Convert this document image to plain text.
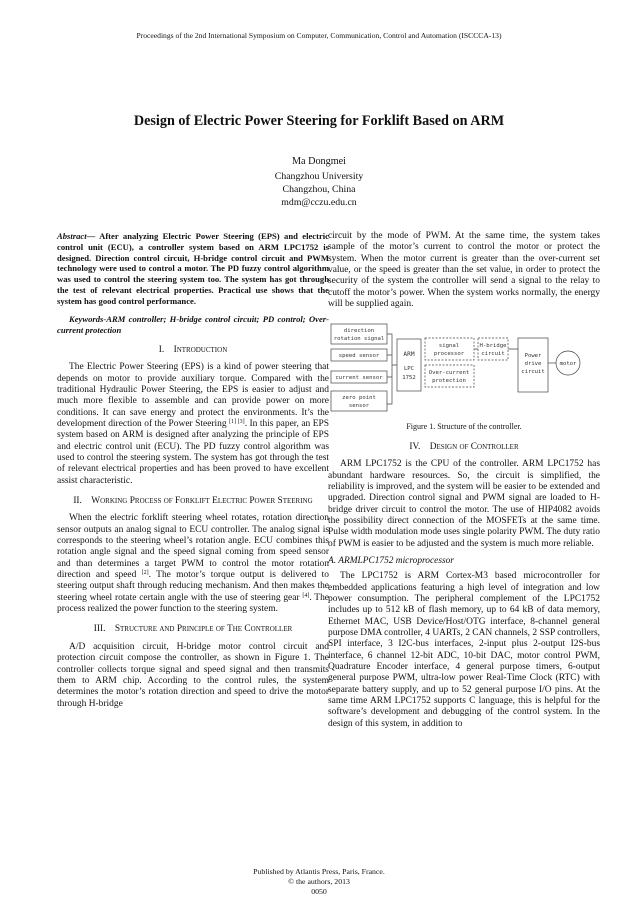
Proceedings of the 2nd International Symposium on Computer, Communication, Control and Automation (ISCCCA-13)
Design of Electric Power Steering for Forklift Based on ARM
Ma Dongmei
Changzhou University
Changzhou, China
mdm@cczu.edu.cn

Abstract— After analyzing Electric Power Steering (EPS) and electric control unit (ECU), a controller system based on ARM LPC1752 is designed. Direction control circuit, H-bridge control circuit and PWM technology were used to control a motor. The PD fuzzy control algorithm was used to control the steering system too. The system has got through the test of relevant electrical properties. Practical use shows that the system has good control performance.

Keywords-ARM controller; H-bridge control circuit; PD control; Over-current protection

I. Introduction

The Electric Power Steering (EPS) is a kind of power steering that depends on motor to provide auxiliary torque. Compared with the traditional Hydraulic Power Steering, the EPS is easier to adjust and much more flexible to assemble and can provide power on more conditions. It can save energy and protect the environments. It’s the development direction of the Power Steering [1] [3]. In this paper, an EPS system based on ARM is designed after analyzing the principle of EPS and electric control unit (ECU). The PD fuzzy control algorithm was used to control the steering system. The system has got through the test of relevant electrical properties and has been proved to have excellent assist characteristic.

II. Working Process of Forklift Electric Power Steering

When the electric forklift steering wheel rotates, rotation direction sensor outputs an analog signal to ECU controller. The analog signal is corresponds to the steering wheel’s rotation angle. ECU combines this rotation angle signal and the speed signal coming from speed sensor and than determines a target PWM to control the motor rotation direction and speed [2]. The motor’s torque output is delivered to steering output shaft through reducing mechanism. And then makes the steering wheel rotate certain angle with the use of steering gear [4]. The process realized the power function to the steering system.

III. Structure and Principle of The Controller

A/D acquisition circuit, H-bridge motor control circuit and protection circuit compose the controller, as shown in Figure 1. The controller collects torque signal and speed signal and then transmits them to ARM chip. According to the control rules, the system determines the motor’s rotation direction and speed to drive the motor through H-bridge

circuit by the mode of PWM. At the same time, the system takes sample of the motor’s current to control the motor or protect the system. When the motor current is greater than the over-current set value, or the speed is greater than the set value, in order to protect the security of the system the controller will send a signal to the relay to cutoff the motor’s power. When the system works normally, the energy will be supplied again.

direction
rotation signal
speed sensor
current sensor
zero point
sensor
ARM
LPC
1752
signal
processor
Over-current
protection
H-bridge
circuit	Power
drive
circuit
motor
Figure 1. Structure of the controller.
IV. Design of Controller

ARM LPC1752 is the CPU of the controller. ARM LPC1752 has abundant hardware resources. So, the circuit is simplified, the reliability is improved, and the system will be easier to be extended and upgraded. Direction control signal and PWM signal are loaded to H-bridge driver circuit to control the motor. The use of HIP4082 avoids the possibility direct connection of the MOSFETs at the same time. Pulse width modulation mode uses single polarity PWM. The duty ratio of PWM is easier to be adjusted and the system is much more reliable.

A. ARMLPC1752 microprocessor

The LPC1752 is ARM Cortex-M3 based microcontroller for embedded applications featuring a high level of integration and low power consumption. The peripheral complement of the LPC1752 includes up to 512 kB of flash memory, up to 64 kB of data memory, Ethernet MAC, USB Device/Host/OTG interface, 8-channel general purpose DMA controller, 4 UARTs, 2 CAN channels, 2 SSP controllers, SPI interface, 3 I2C-bus interfaces, 2-input plus 2-output I2S-bus interface, 6 channel 12-bit ADC, 10-bit DAC, motor control PWM, Quadrature Encoder interface, 4 general purpose timers, 6-output general purpose PWM, ultra-low power Real-Time Clock (RTC) with separate battery supply, and up to 52 general purpose I/O pins. At the same time ARM LPC1752 supports C language, this is helpful for the software’s development and debugging of the control system. In the design of this system, in addition to

Published by Atlantis Press, Paris, France.
© the authors, 2013
0050
